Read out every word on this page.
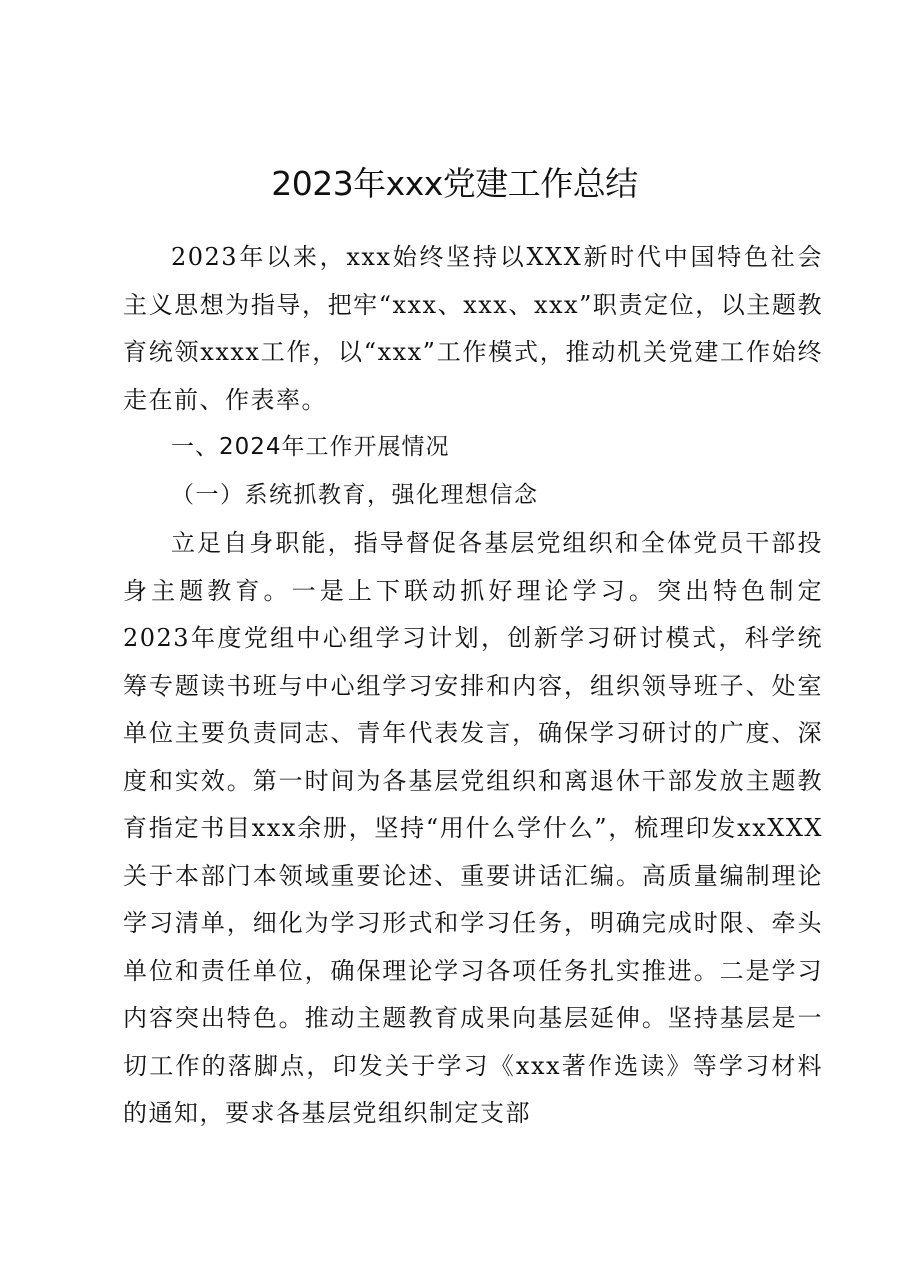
2023年xxx党建工作总结

2023年以来，xxx始终坚持以XXX新时代中国特色社会主义思想为指导，把牢“xxx、xxx、xxx”职责定位，以主题教育统领xxxx工作，以“xxx”工作模式，推动机关党建工作始终走在前、作表率。

一、2024年工作开展情况
（一）系统抓教育，强化理想信念

立足自身职能，指导督促各基层党组织和全体党员干部投身主题教育。一是上下联动抓好理论学习。突出特色制定2023年度党组中心组学习计划，创新学习研讨模式，科学统筹专题读书班与中心组学习安排和内容，组织领导班子、处室单位主要负责同志、青年代表发言，确保学习研讨的广度、深度和实效。第一时间为各基层党组织和离退休干部发放主题教育指定书目xxx余册，坚持“用什么学什么”，梳理印发xxXXX关于本部门本领域重要论述、重要讲话汇编。高质量编制理论学习清单，细化为学习形式和学习任务，明确完成时限、牵头单位和责任单位，确保理论学习各项任务扎实推进。二是学习内容突出特色。推动主题教育成果向基层延伸。坚持基层是一切工作的落脚点，印发关于学习《xxx著作选读》等学习材料的通知，要求各基层党组织制定支部
